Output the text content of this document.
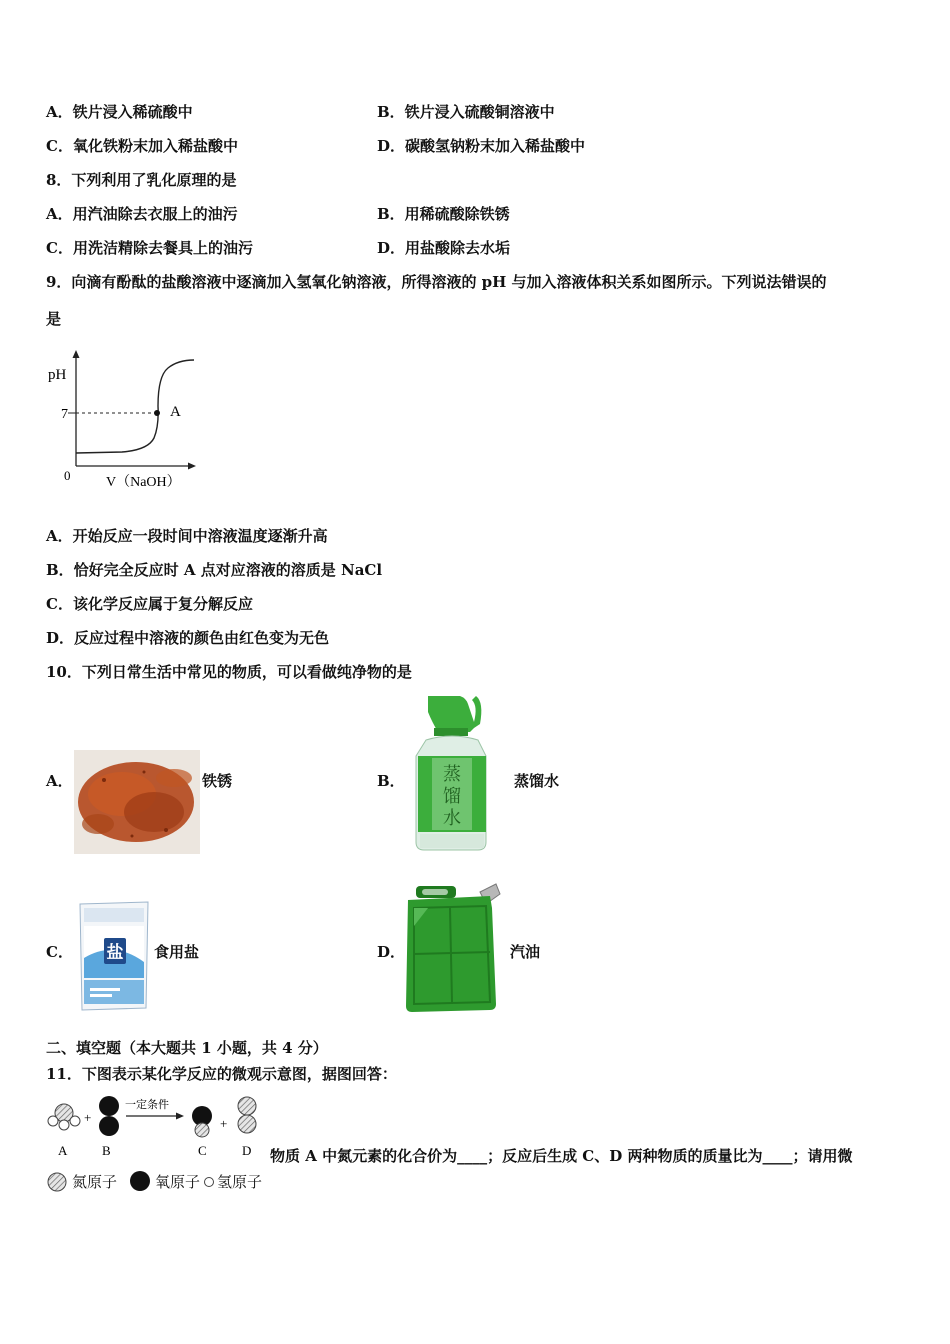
A．铁片浸入稀硫酸中	B．铁片浸入硫酸铜溶液中
C．氧化铁粉末加入稀盐酸中	D．碳酸氢钠粉末加入稀盐酸中
8．下列利用了乳化原理的是
A．用汽油除去衣服上的油污	B．用稀硫酸除铁锈
C．用洗洁精除去餐具上的油污	D．用盐酸除去水垢
9．向滴有酚酞的盐酸溶液中逐滴加入氢氧化钠溶液，所得溶液的 pH 与加入溶液体积关系如图所示。下列说法错误的
是
pH
7
0
A
V（NaOH）
A．开始反应一段时间中溶液温度逐渐升高
B．恰好完全反应时 A 点对应溶液的溶质是 NaCl
C．该化学反应属于复分解反应
D．反应过程中溶液的颜色由红色变为无色
10．下列日常生活中常见的物质，可以看做纯净物的是
A．	铁锈	B． 蒸
馏
水
蒸馏水
C． 盐 食用盐	D．	汽油
二、填空题（本大题共 1 小题，共 4 分）
11．下图表示某化学反应的微观示意图，据图回答：
+
一定条件
+
A	B	C	D 物质 A 中氮元素的化合价为____；反应后生成 C、D 两种物质的质量比为____；请用微
氮原子	氧原子 氢原子
